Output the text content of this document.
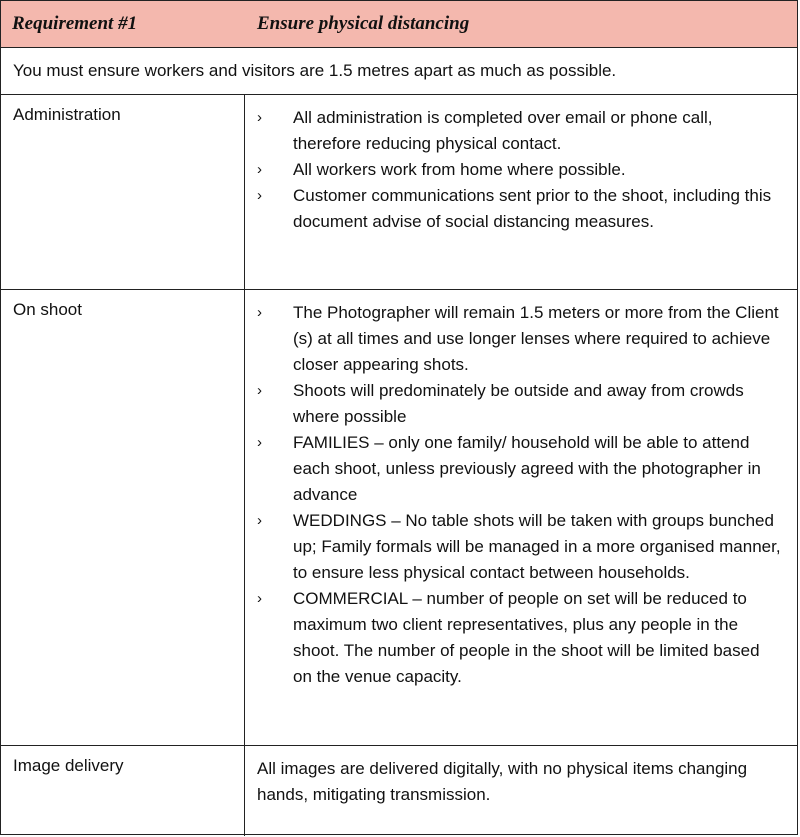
Requirement #1	Ensure physical distancing
You must ensure workers and visitors are 1.5 metres apart as much as possible.
Administration	›	All administration is completed over email or phone call, therefore reducing physical contact.
›	All workers work from home where possible.
›	Customer communications sent prior to the shoot, including this document advise of social distancing measures.
On shoot	›	The Photographer will remain 1.5 meters or more from the Client (s) at all times and use longer lenses where required to achieve closer appearing shots.
›	Shoots will predominately be outside and away from crowds where possible
›	FAMILIES – only one family/ household will be able to attend each shoot, unless previously agreed with the photographer in advance
›	WEDDINGS – No table shots will be taken with groups bunched up; Family formals will be managed in a more organised manner, to ensure less physical contact between households.
›	COMMERCIAL – number of people on set will be reduced to maximum two client representatives, plus any people in the shoot. The number of people in the shoot will be limited based on the venue capacity.
Image delivery	All images are delivered digitally, with no physical items changing hands, mitigating transmission.
